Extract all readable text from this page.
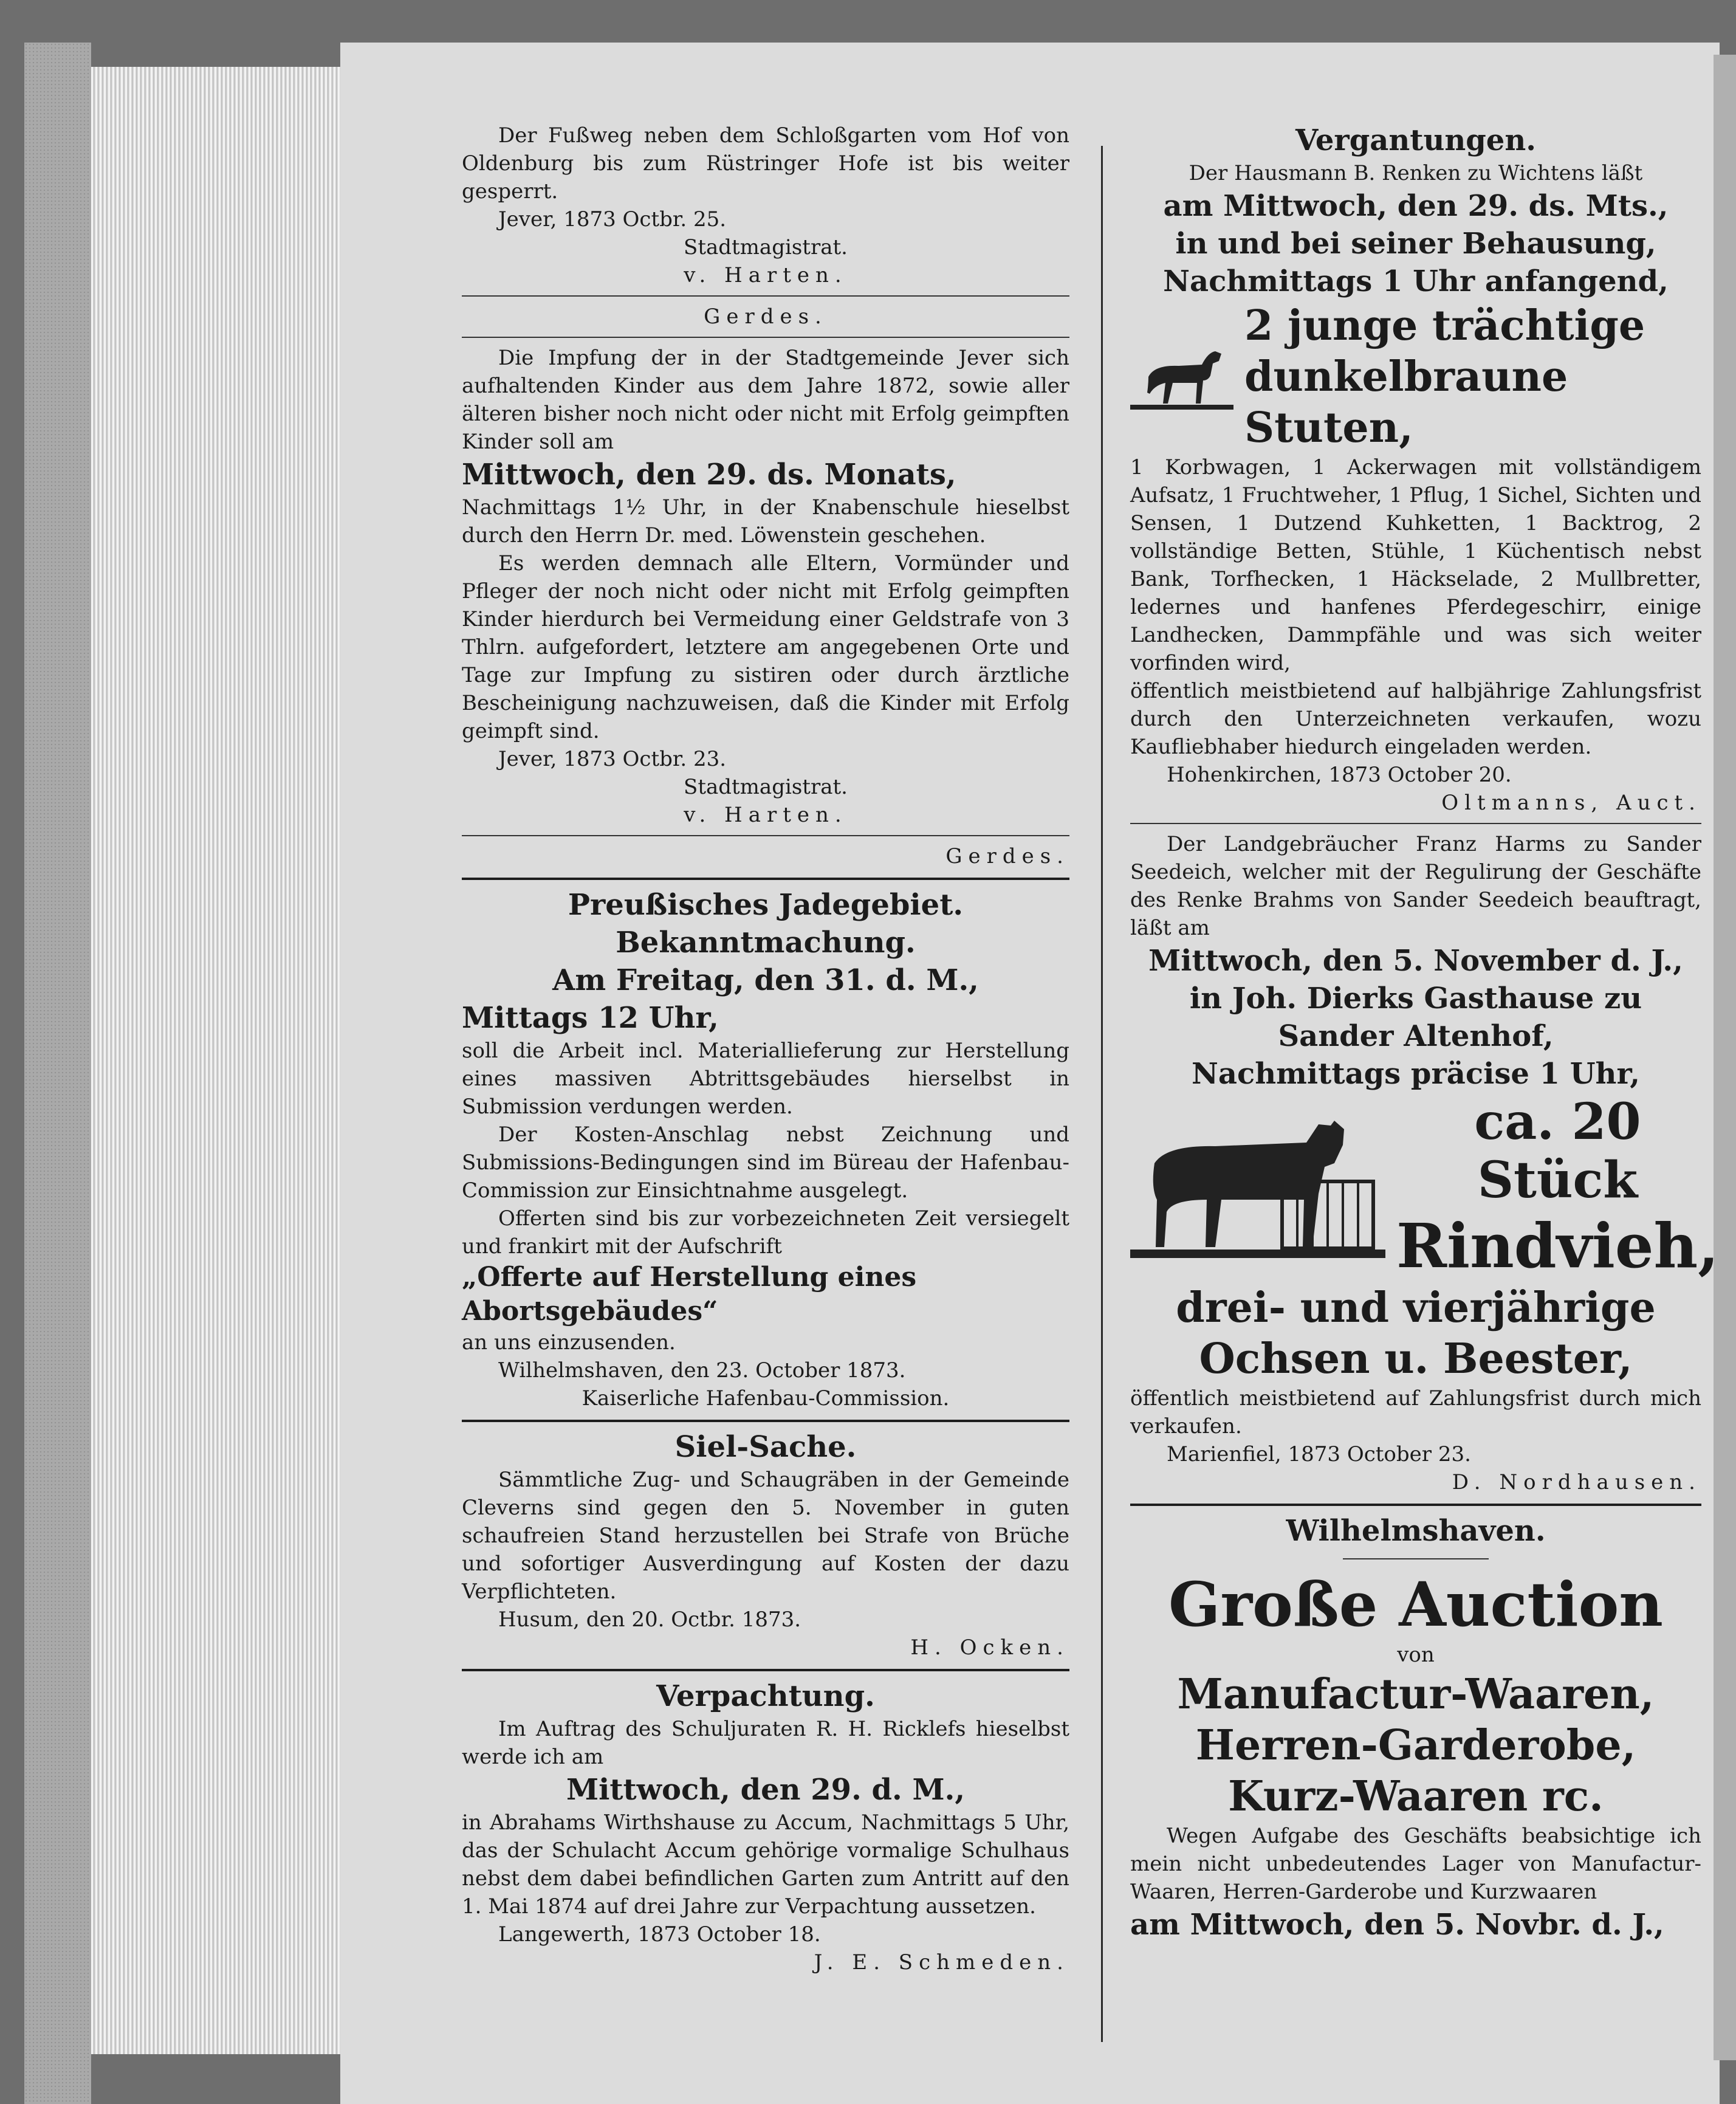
Der Fußweg neben dem Schloßgarten vom Hof von Oldenburg bis zum Rüstringer Hofe ist bis weiter gesperrt.

Jever, 1873 Octbr. 25.

Stadtmagistrat.

v. Harten.

Gerdes.

Die Impfung der in der Stadtgemeinde Jever sich aufhaltenden Kinder aus dem Jahre 1872, sowie aller älteren bisher noch nicht oder nicht mit Erfolg geimpften Kinder soll am

Mittwoch, den 29. ds. Monats,

Nachmittags 1½ Uhr, in der Knabenschule hieselbst durch den Herrn Dr. med. Löwenstein geschehen.

Es werden demnach alle Eltern, Vormünder und Pfleger der noch nicht oder nicht mit Erfolg geimpften Kinder hierdurch bei Vermeidung einer Geldstrafe von 3 Thlrn. aufgefordert, letztere am angegebenen Orte und Tage zur Impfung zu sistiren oder durch ärztliche Bescheinigung nachzuweisen, daß die Kinder mit Erfolg geimpft sind.

Jever, 1873 Octbr. 23.

Stadtmagistrat.

v. Harten.

Gerdes.

Preußisches Jadegebiet.

Bekanntmachung.

Am Freitag, den 31. d. M.,

Mittags 12 Uhr,

soll die Arbeit incl. Materiallieferung zur Herstellung eines massiven Abtrittsgebäudes hierselbst in Submission verdungen werden.

Der Kosten-Anschlag nebst Zeichnung und Submissions-Bedingungen sind im Büreau der Hafenbau-Commission zur Einsichtnahme ausgelegt.

Offerten sind bis zur vorbezeichneten Zeit versiegelt und frankirt mit der Aufschrift

„Offerte auf Herstellung eines Abortsgebäudes“

an uns einzusenden.

Wilhelmshaven, den 23. October 1873.

Kaiserliche Hafenbau-Commission.

Siel-Sache.

Sämmtliche Zug- und Schaugräben in der Gemeinde Cleverns sind gegen den 5. November in guten schaufreien Stand herzustellen bei Strafe von Brüche und sofortiger Ausverdingung auf Kosten der dazu Verpflichteten.

Husum, den 20. Octbr. 1873.

H. Ocken.

Verpachtung.

Im Auftrag des Schuljuraten R. H. Ricklefs hieselbst werde ich am

Mittwoch, den 29. d. M.,

in Abrahams Wirthshause zu Accum, Nachmittags 5 Uhr, das der Schulacht Accum gehörige vormalige Schulhaus nebst dem dabei befindlichen Garten zum Antritt auf den 1. Mai 1874 auf drei Jahre zur Verpachtung aussetzen.

Langewerth, 1873 October 18.

J. E. Schmeden.

Vergantungen.

Der Hausmann B. Renken zu Wichtens läßt

am Mittwoch, den 29. ds. Mts.,

in und bei seiner Behausung,

Nachmittags 1 Uhr anfangend,

2 junge trächtige dunkelbraune Stuten,

1 Korbwagen, 1 Ackerwagen mit vollständigem Aufsatz, 1 Fruchtweher, 1 Pflug, 1 Sichel, Sichten und Sensen, 1 Dutzend Kuhketten, 1 Backtrog, 2 vollständige Betten, Stühle, 1 Küchentisch nebst Bank, Torfhecken, 1 Häckselade, 2 Mullbretter, ledernes und hanfenes Pferdegeschirr, einige Landhecken, Dammpfähle und was sich weiter vorfinden wird,

öffentlich meistbietend auf halbjährige Zahlungsfrist durch den Unterzeichneten verkaufen, wozu Kaufliebhaber hiedurch eingeladen werden.

Hohenkirchen, 1873 October 20.

Oltmanns, Auct.

Der Landgebräucher Franz Harms zu Sander Seedeich, welcher mit der Regulirung der Geschäfte des Renke Brahms von Sander Seedeich beauftragt, läßt am

Mittwoch, den 5. November d. J.,

in Joh. Dierks Gasthause zu Sander Altenhof,

Nachmittags präcise 1 Uhr,

ca. 20 Stück

Rindvieh,

drei- und vierjährige Ochsen u. Beester,

öffentlich meistbietend auf Zahlungsfrist durch mich verkaufen.

Marienfiel, 1873 October 23.

D. Nordhausen.

Wilhelmshaven.

Große Auction

von

Manufactur-Waaren,

Herren-Garderobe,

Kurz-Waaren rc.

Wegen Aufgabe des Geschäfts beabsichtige ich mein nicht unbedeutendes Lager von Manufactur-Waaren, Herren-Garderobe und Kurzwaaren

am Mittwoch, den 5. Novbr. d. J.,
